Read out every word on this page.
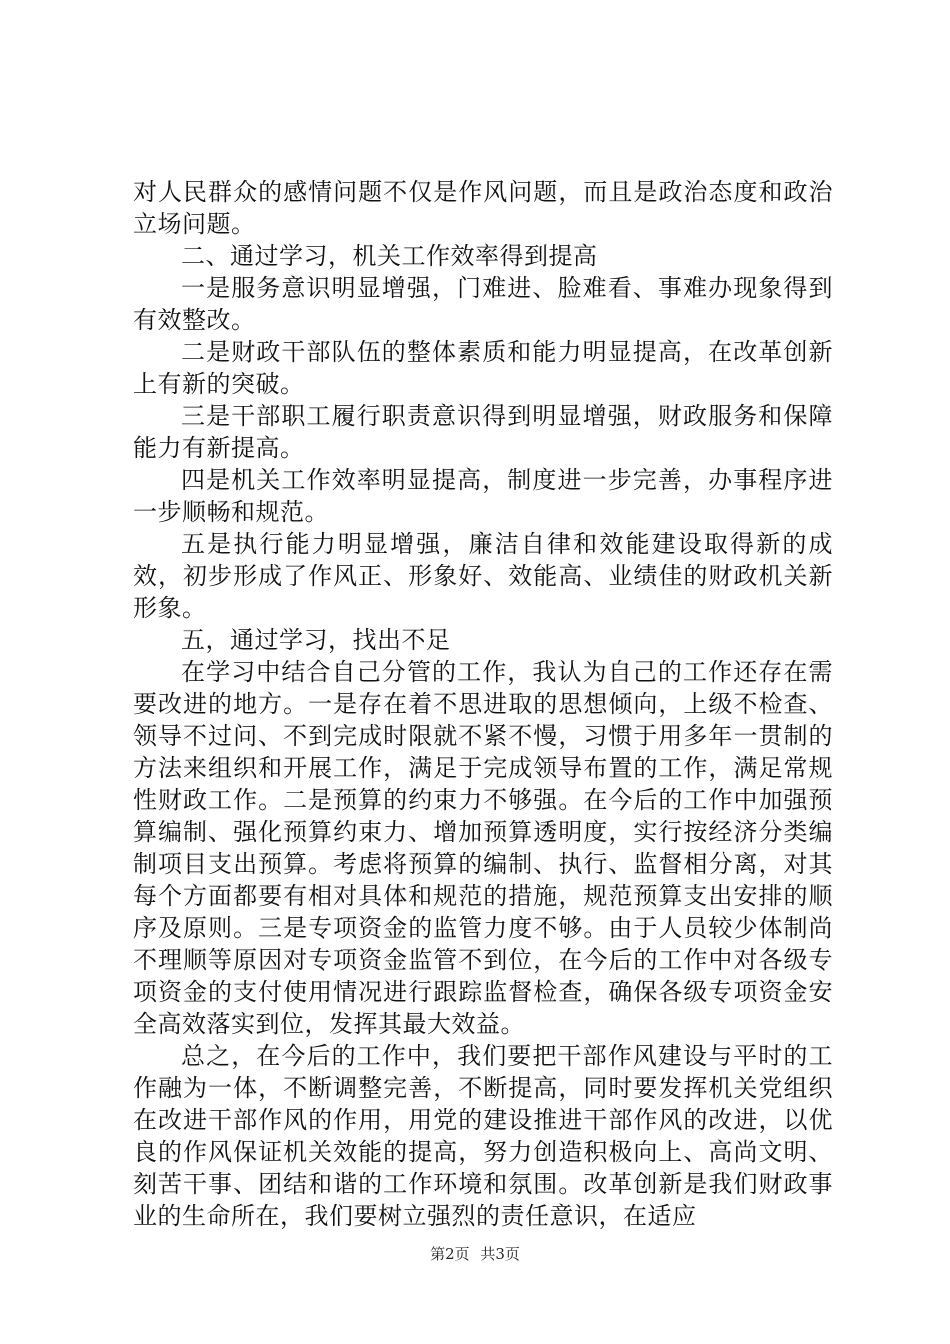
对人民群众的感情问题不仅是作风问题，而且是政治态度和政治立场问题。

二、通过学习，机关工作效率得到提高

一是服务意识明显增强，门难进、脸难看、事难办现象得到有效整改。

二是财政干部队伍的整体素质和能力明显提高，在改革创新上有新的突破。

三是干部职工履行职责意识得到明显增强，财政服务和保障能力有新提高。

四是机关工作效率明显提高，制度进一步完善，办事程序进一步顺畅和规范。

五是执行能力明显增强，廉洁自律和效能建设取得新的成效，初步形成了作风正、形象好、效能高、业绩佳的财政机关新形象。

五，通过学习，找出不足

在学习中结合自己分管的工作，我认为自己的工作还存在需要改进的地方。一是存在着不思进取的思想倾向，上级不检查、领导不过问、不到完成时限就不紧不慢，习惯于用多年一贯制的方法来组织和开展工作，满足于完成领导布置的工作，满足常规性财政工作。二是预算的约束力不够强。在今后的工作中加强预算编制、强化预算约束力、增加预算透明度，实行按经济分类编制项目支出预算。考虑将预算的编制、执行、监督相分离，对其每个方面都要有相对具体和规范的措施，规范预算支出安排的顺序及原则。三是专项资金的监管力度不够。由于人员较少体制尚不理顺等原因对专项资金监管不到位，在今后的工作中对各级专项资金的支付使用情况进行跟踪监督检查，确保各级专项资金安全高效落实到位，发挥其最大效益。

总之，在今后的工作中，我们要把干部作风建设与平时的工作融为一体，不断调整完善，不断提高，同时要发挥机关党组织在改进干部作风的作用，用党的建设推进干部作风的改进，以优良的作风保证机关效能的提高，努力创造积极向上、高尚文明、刻苦干事、团结和谐的工作环境和氛围。改革创新是我们财政事业的生命所在，我们要树立强烈的责任意识，在适应

第2页 共3页
